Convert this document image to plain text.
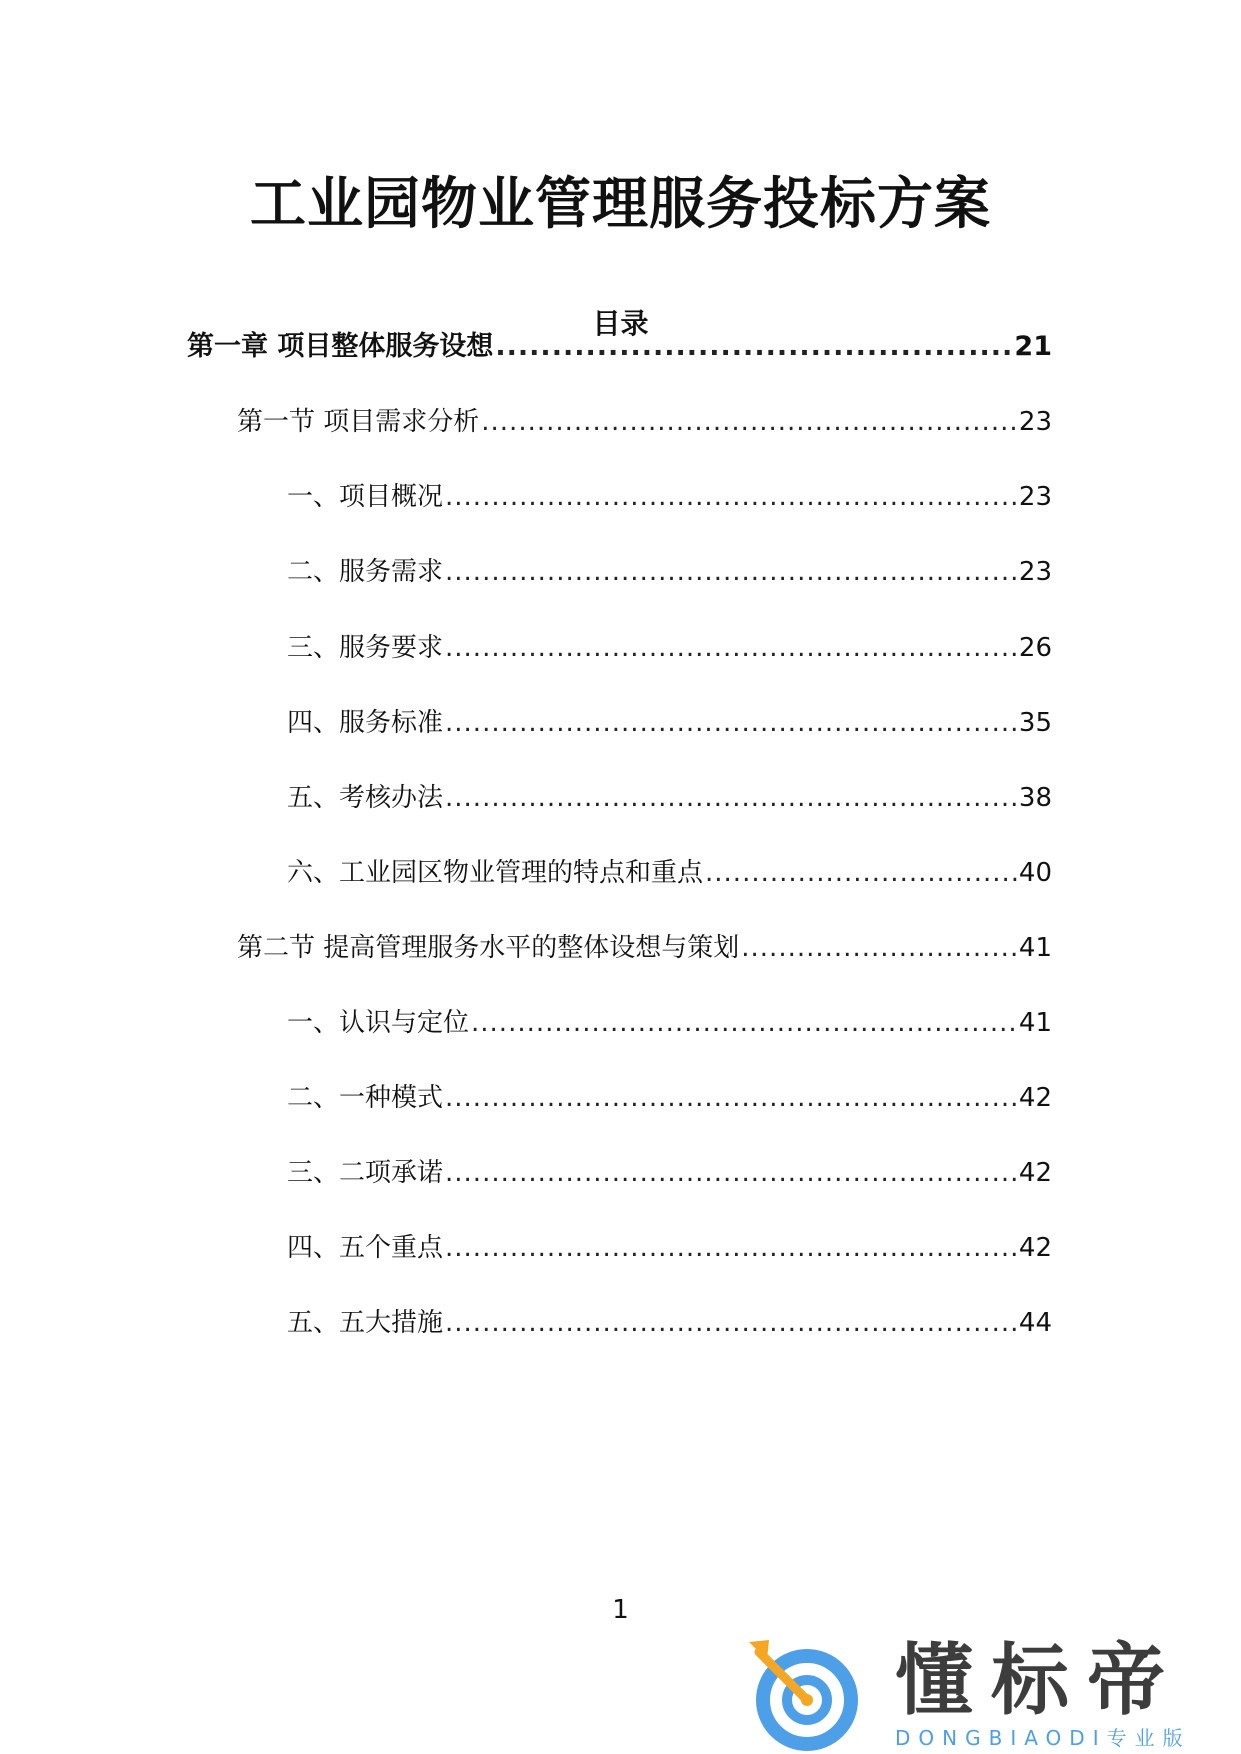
工业园物业管理服务投标方案
目录
第一章 项目整体服务设想 .....	21
第一节 项目需求分析 .....	23
一、项目概况 .....	23
二、服务需求 .....	23
三、服务要求 .....	26
四、服务标准 .....	35
五、考核办法 .....	38
六、工业园区物业管理的特点和重点 .....	40
第二节 提高管理服务水平的整体设想与策划 .....	41
一、认识与定位 .....	41
二、一种模式 .....	42
三、二项承诺 .....	42
四、五个重点 .....	42
五、五大措施 .....	44
1
懂标帝
DONGBIAODI专业版
